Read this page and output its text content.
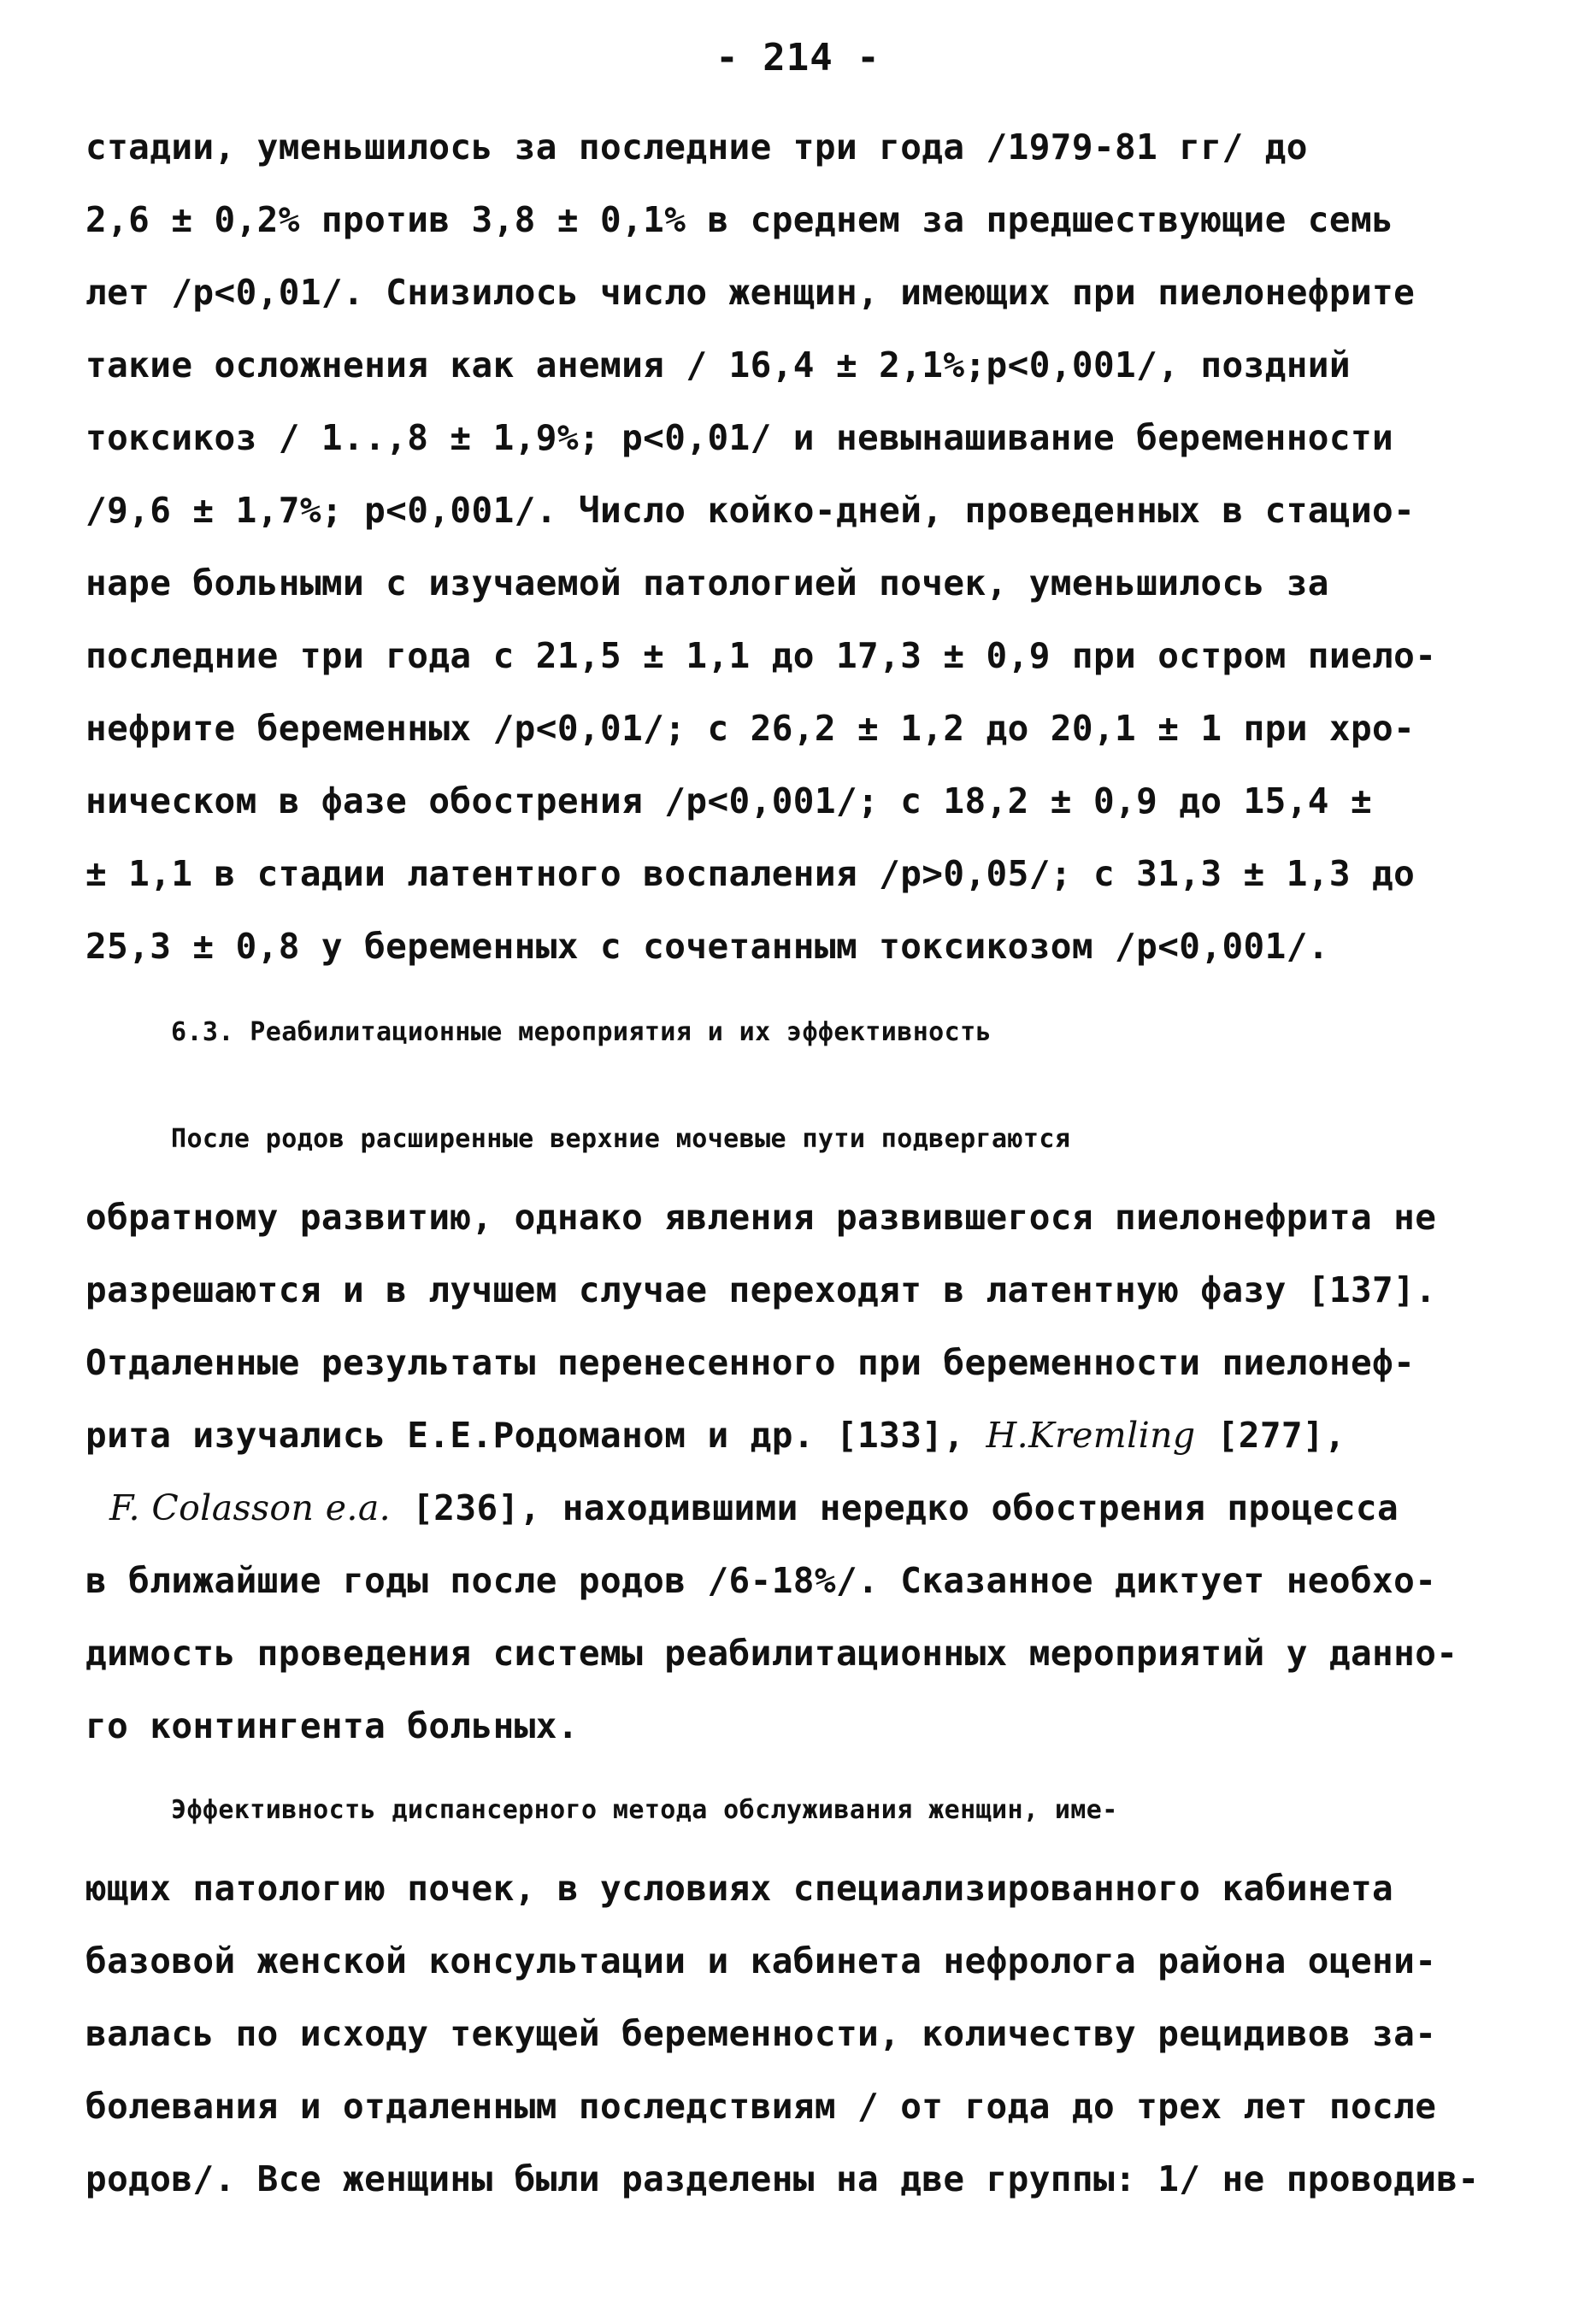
- 214 -
стадии, уменьшилось за последние три года /1979-81 гг/ до
2,6 ± 0,2% против 3,8 ± 0,1% в среднем за предшествующие семь
лет /p<0,01/. Снизилось число женщин, имеющих при пиелонефрите
такие осложнения как анемия / 16,4 ± 2,1%;p<0,001/, поздний
токсикоз / 1..,8 ± 1,9%; p<0,01/ и невынашивание беременности
/9,6 ± 1,7%; p<0,001/. Число койко-дней, проведенных в стацио-
наре больными с изучаемой патологией почек, уменьшилось за
последние три года с 21,5 ± 1,1 до 17,3 ± 0,9 при остром пиело-
нефрите беременных /p<0,01/; с 26,2 ± 1,2 до 20,1 ± 1 при хро-
ническом в фазе обострения /p<0,001/; с 18,2 ± 0,9 до 15,4 ±
± 1,1 в стадии латентного воспаления /p>0,05/; с 31,3 ± 1,3 до
25,3 ± 0,8 у беременных с сочетанным токсикозом /p<0,001/.
6.3. Реабилитационные мероприятия и их эффективность
После родов расширенные верхние мочевые пути подвергаются
обратному развитию, однако явления развившегося пиелонефрита не
разрешаются и в лучшем случае переходят в латентную фазу [137].
Отдаленные результаты перенесенного при беременности пиелонеф-
рита изучались Е.Е.Родоманом и др. [133], H.Kremling [277],
F. Colasson e.a. [236], находившими нередко обострения процесса
в ближайшие годы после родов /6-18%/. Сказанное диктует необхо-
димость проведения системы реабилитационных мероприятий у данно-
го контингента больных.
Эффективность диспансерного метода обслуживания женщин, име-
ющих патологию почек, в условиях специализированного кабинета
базовой женской консультации и кабинета нефролога района оцени-
валась по исходу текущей беременности, количеству рецидивов за-
болевания и отдаленным последствиям / от года до трех лет после
родов/. Все женщины были разделены на две группы: 1/ не проводив-
